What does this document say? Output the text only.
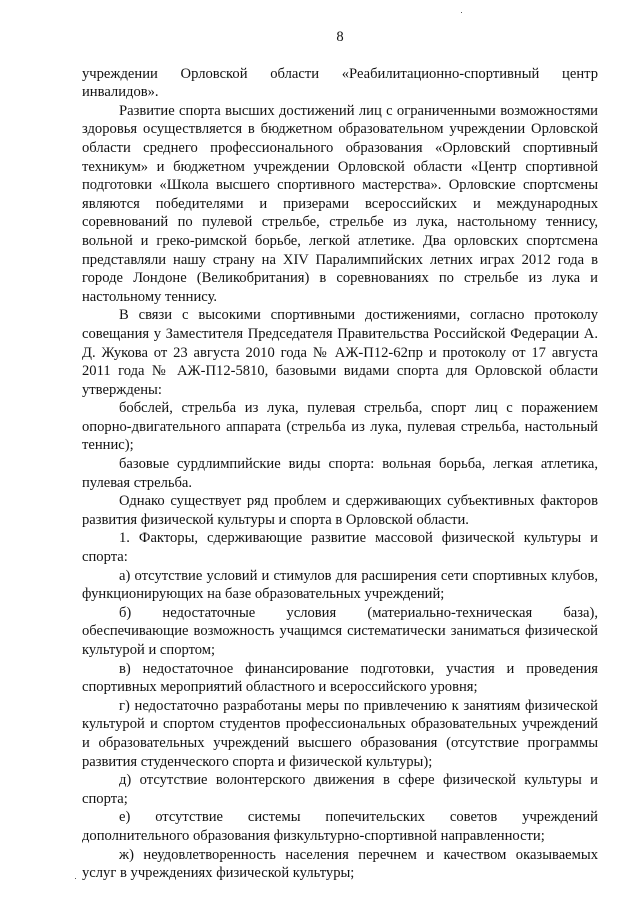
8

учреждении Орловской области «Реабилитационно-спортивный центр инвалидов».

Развитие спорта высших достижений лиц с ограниченными возможностями здоровья осуществляется в бюджетном образовательном учреждении Орловской области среднего профессионального образования «Орловский спортивный техникум» и бюджетном учреждении Орловской области «Центр спортивной подготовки «Школа высшего спортивного мастерства». Орловские спортсмены являются победителями и призерами всероссийских и международных соревнований по пулевой стрельбе, стрельбе из лука, настольному теннису, вольной и греко-римской борьбе, легкой атлетике. Два орловских спортсмена представляли нашу страну на XIV Паралимпийских летних играх 2012 года в городе Лондоне (Великобритания) в соревнованиях по стрельбе из лука и настольному теннису.

В связи с высокими спортивными достижениями, согласно протоколу совещания у Заместителя Председателя Правительства Российской Федерации А. Д. Жукова от 23 августа 2010 года № АЖ-П12-62пр и протоколу от 17 августа 2011 года № АЖ-П12-5810, базовыми видами спорта для Орловской области утверждены:

бобслей, стрельба из лука, пулевая стрельба, спорт лиц с поражением опорно-двигательного аппарата (стрельба из лука, пулевая стрельба, настольный теннис);

базовые сурдлимпийские виды спорта: вольная борьба, легкая атлетика, пулевая стрельба.

Однако существует ряд проблем и сдерживающих субъективных факторов развития физической культуры и спорта в Орловской области.

1. Факторы, сдерживающие развитие массовой физической культуры и спорта:

а) отсутствие условий и стимулов для расширения сети спортивных клубов, функционирующих на базе образовательных учреждений;

б) недостаточные условия (материально-техническая база), обеспечивающие возможность учащимся систематически заниматься физической культурой и спортом;

в) недостаточное финансирование подготовки, участия и проведения спортивных мероприятий областного и всероссийского уровня;

г) недостаточно разработаны меры по привлечению к занятиям физической культурой и спортом студентов профессиональных образовательных учреждений и образовательных учреждений высшего образования (отсутствие программы развития студенческого спорта и физической культуры);

д) отсутствие волонтерского движения в сфере физической культуры и спорта;

е) отсутствие системы попечительских советов учреждений дополнительного образования физкультурно-спортивной направленности;

ж) неудовлетворенность населения перечнем и качеством оказываемых услуг в учреждениях физической культуры;
